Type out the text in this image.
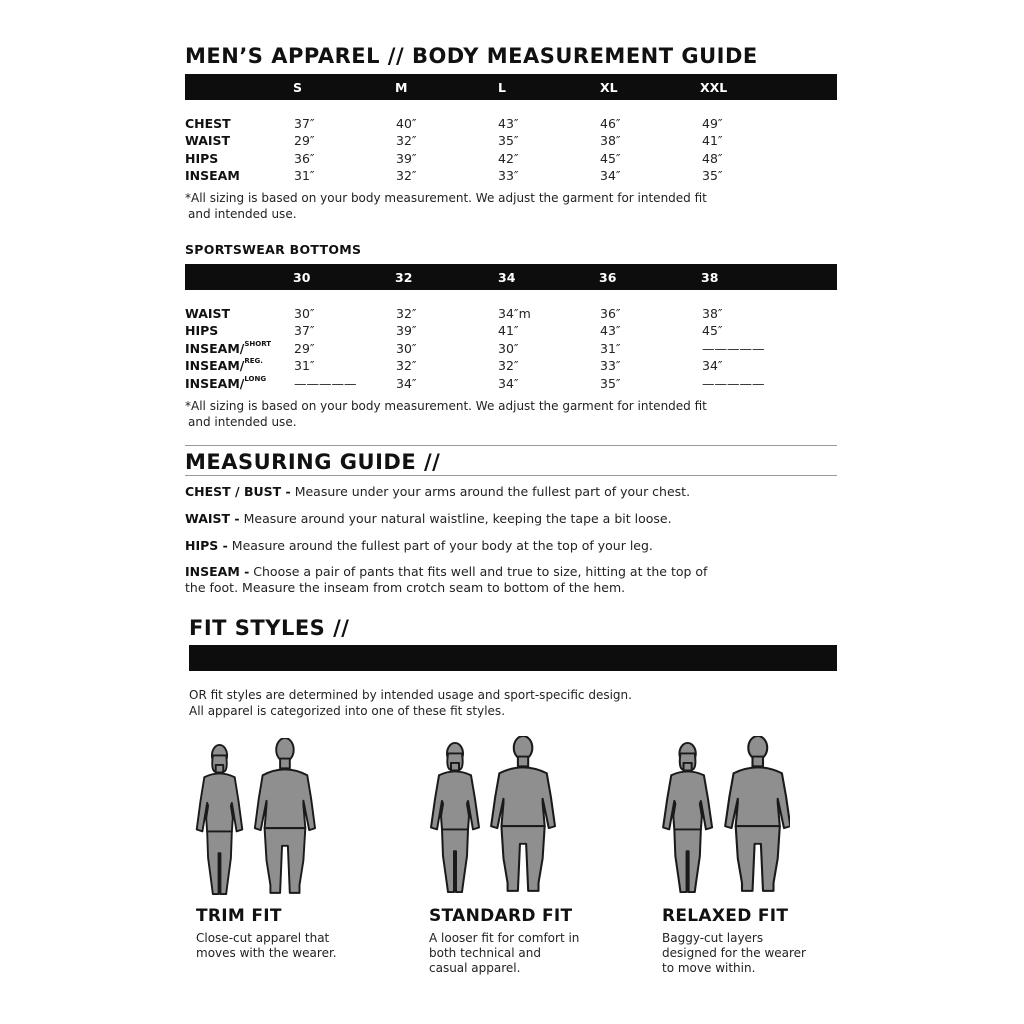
MEN’S APPAREL // BODY MEASUREMENT GUIDE
S	M	L	XL	XXL
CHEST	37″	40″	43″	46″	49″
WAIST	29″	32″	35″	38″	41″
HIPS	36″	39″	42″	45″	48″
INSEAM	31″	32″	33″	34″	35″
*All sizing is based on your body measurement. We adjust the garment for intended fit
and intended use.
SPORTSWEAR BOTTOMS
30	32	34	36	38
WAIST	30″	32″	34″m	36″	38″
HIPS	37″	39″	41″	43″	45″
INSEAM/$^{SHORT}$ 29″	30″	30″	31″	—————
INSEAM/$^{REG.}$ 31″	32″	32″	33″	34″
INSEAM/$^{LONG}$ —————	34″	34″	35″	—————
*All sizing is based on your body measurement. We adjust the garment for intended fit
and intended use.
MEASURING GUIDE //
CHEST / BUST - Measure under your arms around the fullest part of your chest.
WAIST - Measure around your natural waistline, keeping the tape a bit loose.
HIPS - Measure around the fullest part of your body at the top of your leg.
INSEAM - Choose a pair of pants that fits well and true to size, hitting at the top of the foot. Measure the inseam from crotch seam to bottom of the hem.
FIT STYLES //
OR fit styles are determined by intended usage and sport-specific design.
All apparel is categorized into one of these fit styles.
TRIM FIT
Close-cut apparel that moves with the wearer.
STANDARD FIT
A looser fit for comfort in both technical and casual apparel.
RELAXED FIT
Baggy-cut layers designed for the wearer to move within.
